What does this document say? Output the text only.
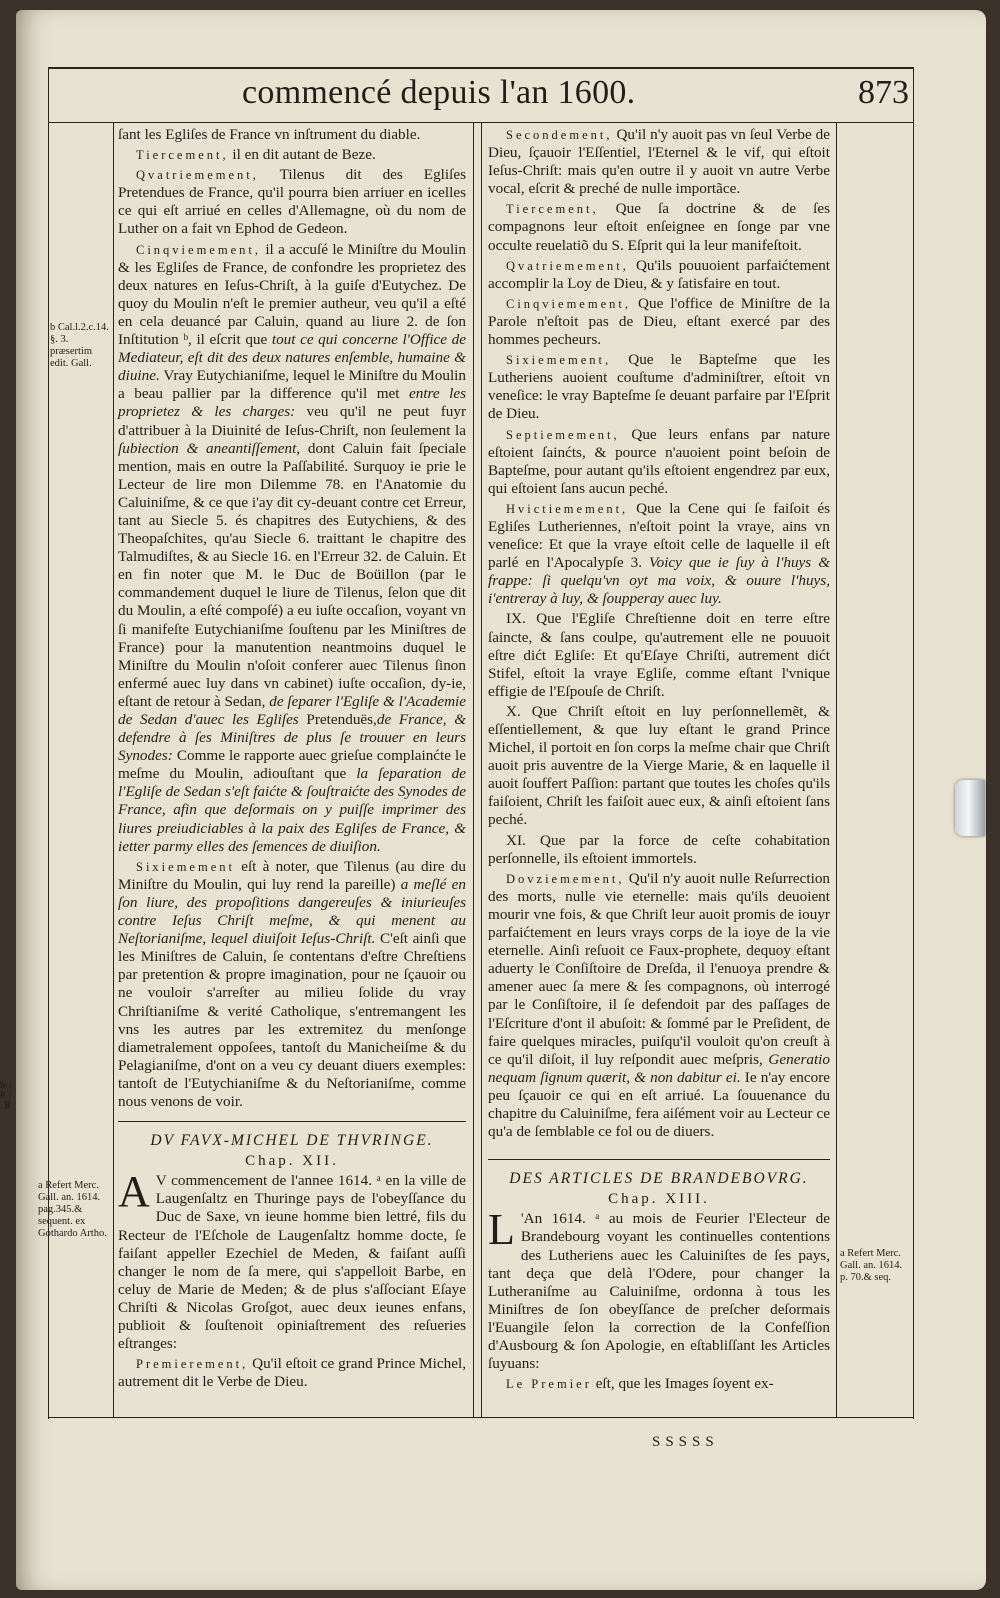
commencé depuis l'an 1600.	873
b Cal.l.2.c.14. §. 3. præsertim edit. Gall.
a Refert Merc. Gall. an. 1614. pag.345.& sequent. ex Gothardo Artho.
a Refert Merc. Gall. an. 1614. p. 70.& seq.

ſant les Egliſes de France vn inſtrument du diable.

Tiercement, il en dit autant de Beze.

Qvatriemement, Tilenus dit des Egliſes Pretendues de France, qu'il pourra bien arriuer en icelles ce qui eſt arriué en celles d'Allemagne, où du nom de Luther on a fait vn Ephod de Gedeon.

Cinqviemement, il a accuſé le Miniſtre du Moulin & les Egliſes de France, de confondre les proprietez des deux natures en Ieſus-Chriſt, à la guiſe d'Eutychez. De quoy du Moulin n'eſt le premier autheur, veu qu'il a eſté en cela deuancé par Caluin, quand au liure 2. de ſon Inſtitution ᵇ, il eſcrit que tout ce qui concerne l'Office de Mediateur, eſt dit des deux natures enſemble, humaine & diuine. Vray Eutychianiſme, lequel le Miniſtre du Moulin a beau pallier par la difference qu'il met entre les proprietez & les charges: veu qu'il ne peut fuyr d'attribuer à la Diuinité de Ieſus-Chriſt, non ſeulement la ſubiection & aneantiſſement, dont Caluin fait ſpeciale mention, mais en outre la Paſſabilité. Surquoy ie prie le Lecteur de lire mon Dilemme 78. en l'Anatomie du Caluiniſme, & ce que i'ay dit cy-deuant contre cet Erreur, tant au Siecle 5. és chapitres des Eutychiens, & des Theopaſchites, qu'au Siecle 6. traittant le chapitre des Talmudiſtes, & au Siecle 16. en l'Erreur 32. de Caluin. Et en fin noter que M. le Duc de Boüillon (par le commandement duquel le liure de Tilenus, ſelon que dit du Moulin, a eſté compoſé) a eu iuſte occaſion, voyant vn ſi manifeſte Eutychianiſme ſouſtenu par les Miniſtres de France) pour la manutention neantmoins duquel le Miniſtre du Moulin n'oſoit conferer auec Tilenus ſinon enfermé auec luy dans vn cabinet) iuſte occaſion, dy-ie, eſtant de retour à Sedan, de ſeparer l'Egliſe & l'Academie de Sedan d'auec les Egliſes Pretenduës,de France, & defendre à ſes Miniſtres de plus ſe trouuer en leurs Synodes: Comme le rapporte auec grieſue complainćte le meſme du Moulin, adiouſtant que la ſeparation de l'Egliſe de Sedan s'eſt faićte & ſouſtraićte des Synodes de France, afin que deſormais on y puiſſe imprimer des liures preiudiciables à la paix des Egliſes de France, & ietter parmy elles des ſemences de diuiſion.

Sixiemement eſt à noter, que Tilenus (au dire du Miniſtre du Moulin, qui luy rend la pareille) a meſlé en ſon liure, des propoſitions dangereuſes & iniurieuſes contre Ieſus Chriſt meſme, & qui menent au Neſtorianiſme, lequel diuiſoit Ieſus-Chriſt. C'eſt ainſi que les Miniſtres de Caluin, ſe contentans d'eſtre Chreſtiens par pretention & propre imagination, pour ne ſçauoir ou ne vouloir s'arreſter au milieu ſolide du vray Chriſtianiſme & verité Catholique, s'entremangent les vns les autres par les extremitez du menſonge diametralement oppoſees, tantoſt du Manicheiſme & du Pelagianiſme, d'ont on a veu cy deuant diuers exemples: tantoſt de l'Eutychianiſme & du Neſtorianiſme, comme nous venons de voir.

DV FAVX-MICHEL DE THVRINGE.

Chap. XII.

A V commencement de l'annee 1614. ᵃ en la ville de Laugenſaltz en Thuringe pays de l'obeyſſance du Duc de Saxe, vn ieune homme bien lettré, fils du Recteur de l'Eſchole de Laugenſaltz homme docte, ſe faiſant appeller Ezechiel de Meden, & faiſant auſſi changer le nom de ſa mere, qui s'appelloit Barbe, en celuy de Marie de Meden; & de plus s'aſſociant Eſaye Chriſti & Nicolas Groſgot, auec deux ieunes enfans, publioit & ſouſtenoit opiniaſtrement des reſueries eſtranges:

Premierement, Qu'il eſtoit ce grand Prince Michel, autrement dit le Verbe de Dieu.

Secondement, Qu'il n'y auoit pas vn ſeul Verbe de Dieu, ſçauoir l'Eſſentiel, l'Eternel & le vif, qui eſtoit Ieſus-Chriſt: mais qu'en outre il y auoit vn autre Verbe vocal, eſcrit & preché de nulle importãce.

Tiercement, Que ſa doctrine & de ſes compagnons leur eſtoit enſeignee en ſonge par vne occulte reuelatiõ du S. Eſprit qui la leur manifeſtoit.

Qvatriemement, Qu'ils pouuoient parfaićtement accomplir la Loy de Dieu, & y ſatisfaire en tout.

Cinqviemement, Que l'office de Miniſtre de la Parole n'eſtoit pas de Dieu, eſtant exercé par des hommes pecheurs.

Sixiemement, Que le Bapteſme que les Lutheriens auoient couſtume d'adminiſtrer, eſtoit vn veneſice: le vray Bapteſme ſe deuant parfaire par l'Eſprit de Dieu.

Septiemement, Que leurs enfans par nature eſtoient ſainćts, & pource n'auoient point beſoin de Bapteſme, pour autant qu'ils eſtoient engendrez par eux, qui eſtoient ſans aucun peché.

Hvictiemement, Que la Cene qui ſe faiſoit és Egliſes Lutheriennes, n'eſtoit point la vraye, ains vn veneſice: Et que la vraye eſtoit celle de laquelle il eſt parlé en l'Apocalypſe 3. Voicy que ie ſuy à l'huys & frappe: ſi quelqu'vn oyt ma voix, & ouure l'huys, i'entreray à luy, & ſoupperay auec luy.

IX. Que l'Egliſe Chreſtienne doit en terre eſtre ſaincte, & ſans coulpe, qu'autrement elle ne pouuoit eſtre dićt Egliſe: Et qu'Eſaye Chriſti, autrement dićt Stifel, eſtoit la vraye Egliſe, comme eſtant l'vnique effigie de l'Eſpouſe de Chriſt.

X. Que Chriſt eſtoit en luy perſonnellemẽt, & eſſentiellement, & que luy eſtant le grand Prince Michel, il portoit en ſon corps la meſme chair que Chriſt auoit pris auventre de la Vierge Marie, & en laquelle il auoit ſouffert Paſſion: partant que toutes les choſes qu'ils faiſoient, Chriſt les faiſoit auec eux, & ainſi eſtoient ſans peché.

XI. Que par la force de ceſte cohabitation perſonnelle, ils eſtoient immortels.

Dovziemement, Qu'il n'y auoit nulle Reſurrection des morts, nulle vie eternelle: mais qu'ils deuoient mourir vne fois, & que Chriſt leur auoit promis de iouyr parfaićtement en leurs vrays corps de la ioye de la vie eternelle. Ainſi reſuoit ce Faux-prophete, dequoy eſtant aduerty le Conſiſtoire de Dreſda, il l'enuoya prendre & amener auec ſa mere & ſes compagnons, où interrogé par le Conſiſtoire, il ſe defendoit par des paſſages de l'Eſcriture d'ont il abuſoit: & ſommé par le Preſident, de faire quelques miracles, puiſqu'il vouloit qu'on creuſt à ce qu'il diſoit, il luy reſpondit auec meſpris, Generatio nequam ſignum quærit, & non dabitur ei. Ie n'ay encore peu ſçauoir ce qui en eſt arriué. La ſouuenance du chapitre du Caluiniſme, fera aiſément voir au Lecteur ce qu'a de ſemblable ce fol ou de diuers.

DES ARTICLES DE BRANDEBOVRG.

Chap. XIII.

L 'An 1614. ᵃ au mois de Feurier l'Electeur de Brandebourg voyant les continuelles contentions des Lutheriens auec les Caluiniſtes de ſes pays, tant deça que delà l'Odere, pour changer la Lutheraniſme au Caluiniſme, ordonna à tous les Miniſtres de ſon obeyſſance de preſcher deſormais l'Euangile ſelon la correction de la Confeſſion d'Ausbourg & ſon Apologie, en eſtabliſſant les Articles ſuyuans:

Le Premier eſt, que les Images ſoyent ex-

SSSSS
fe | P. | . B
